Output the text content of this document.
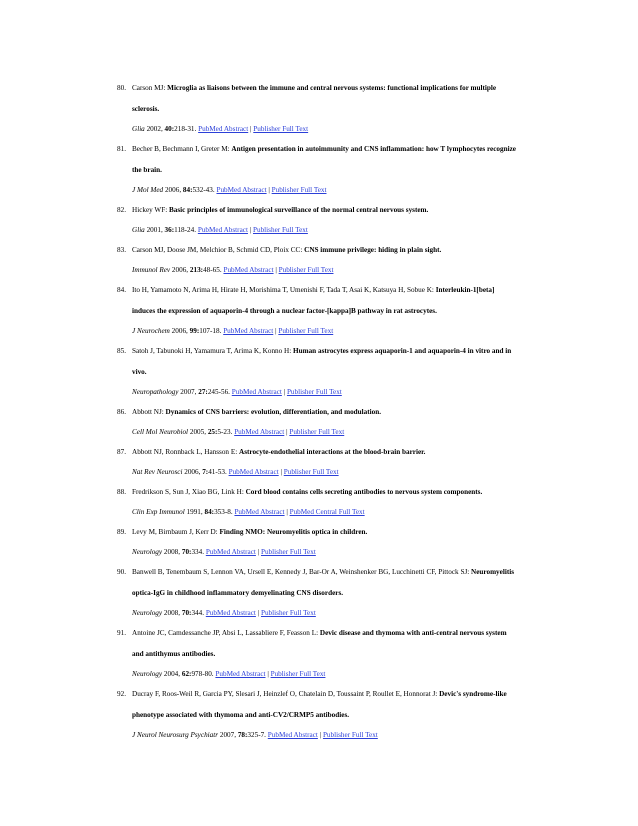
80. Carson MJ: Microglia as liaisons between the immune and central nervous systems: functional implications for multiple
sclerosis.
Glia 2002, 40:218-31. PubMed Abstract | Publisher Full Text
81. Becher B, Bechmann I, Greter M: Antigen presentation in autoimmunity and CNS inflammation: how T lymphocytes recognize
the brain.
J Mol Med 2006, 84:532-43. PubMed Abstract | Publisher Full Text
82. Hickey WF: Basic principles of immunological surveillance of the normal central nervous system.
Glia 2001, 36:118-24. PubMed Abstract | Publisher Full Text
83. Carson MJ, Doose JM, Melchior B, Schmid CD, Ploix CC: CNS immune privilege: hiding in plain sight.
Immunol Rev 2006, 213:48-65. PubMed Abstract | Publisher Full Text
84. Ito H, Yamamoto N, Arima H, Hirate H, Morishima T, Umenishi F, Tada T, Asai K, Katsuya H, Sobue K: Interleukin-1[beta]
induces the expression of aquaporin-4 through a nuclear factor-[kappa]B pathway in rat astrocytes.
J Neurochem 2006, 99:107-18. PubMed Abstract | Publisher Full Text
85. Satoh J, Tabunoki H, Yamamura T, Arima K, Konno H: Human astrocytes express aquaporin-1 and aquaporin-4 in vitro and in
vivo.
Neuropathology 2007, 27:245-56. PubMed Abstract | Publisher Full Text
86. Abbott NJ: Dynamics of CNS barriers: evolution, differentiation, and modulation.
Cell Mol Neurobiol 2005, 25:5-23. PubMed Abstract | Publisher Full Text
87. Abbott NJ, Ronnback L, Hansson E: Astrocyte-endothelial interactions at the blood-brain barrier.
Nat Rev Neurosci 2006, 7:41-53. PubMed Abstract | Publisher Full Text
88. Fredrikson S, Sun J, Xiao BG, Link H: Cord blood contains cells secreting antibodies to nervous system components.
Clin Exp Immunol 1991, 84:353-8. PubMed Abstract | PubMed Central Full Text
89. Levy M, Birnbaum J, Kerr D: Finding NMO: Neuromyelitis optica in children.
Neurology 2008, 70:334. PubMed Abstract | Publisher Full Text
90. Banwell B, Tenembaum S, Lennon VA, Ursell E, Kennedy J, Bar-Or A, Weinshenker BG, Lucchinetti CF, Pittock SJ: Neuromyelitis
optica-IgG in childhood inflammatory demyelinating CNS disorders.
Neurology 2008, 70:344. PubMed Abstract | Publisher Full Text
91. Antoine JC, Camdessanche JP, Absi L, Lassabliere F, Feasson L: Devic disease and thymoma with anti-central nervous system
and antithymus antibodies.
Neurology 2004, 62:978-80. PubMed Abstract | Publisher Full Text
92. Ducray F, Roos-Weil R, Garcia PY, Slesari J, Heinzlef O, Chatelain D, Toussaint P, Roullet E, Honnorat J: Devic's syndrome-like
phenotype associated with thymoma and anti-CV2/CRMP5 antibodies.
J Neurol Neurosurg Psychiatr 2007, 78:325-7. PubMed Abstract | Publisher Full Text
